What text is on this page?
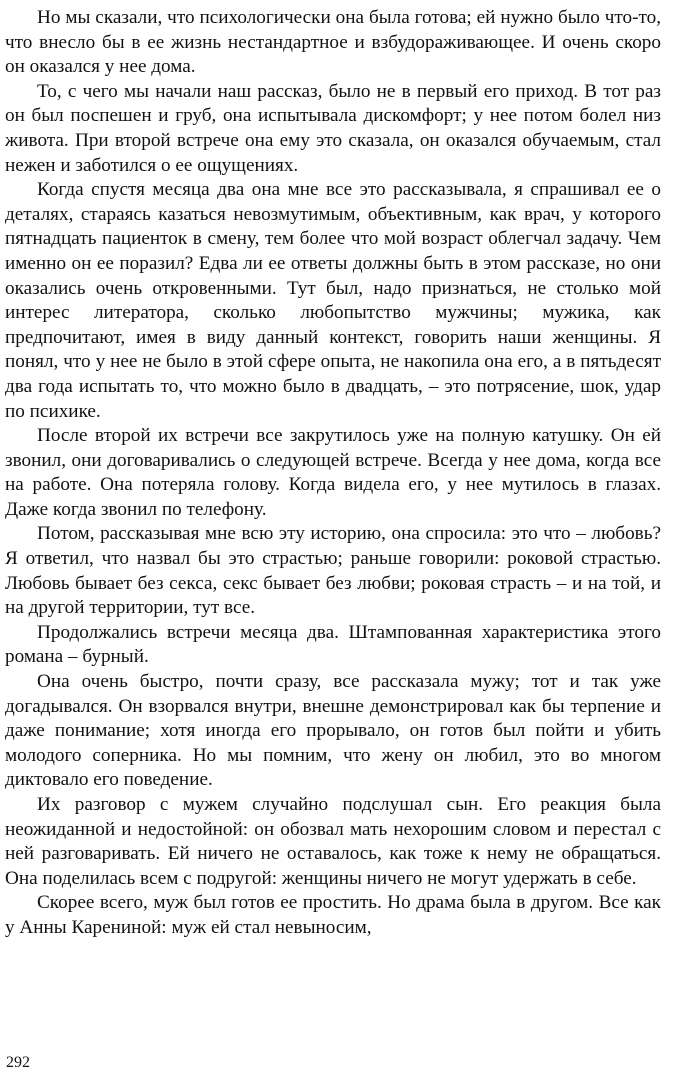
Но мы сказали, что психологически она была готова; ей нужно было что-то, что внесло бы в ее жизнь нестандартное и взбудораживающее. И очень скоро он оказался у нее дома.

То, с чего мы начали наш рассказ, было не в первый его приход. В тот раз он был поспешен и груб, она испытывала дискомфорт; у нее потом болел низ живота. При второй встрече она ему это сказала, он оказался обучаемым, стал нежен и заботился о ее ощущениях.

Когда спустя месяца два она мне все это рассказывала, я спрашивал ее о деталях, стараясь казаться невозмутимым, объективным, как врач, у которого пятнадцать пациенток в смену, тем более что мой возраст облегчал задачу. Чем именно он ее поразил? Едва ли ее ответы должны быть в этом рассказе, но они оказались очень откровенными. Тут был, надо признаться, не столько мой интерес литератора, сколько любопытство мужчины; мужика, как предпочитают, имея в виду данный контекст, говорить наши женщины. Я понял, что у нее не было в этой сфере опыта, не накопила она его, а в пятьдесят два года испытать то, что можно было в двадцать, – это потрясение, шок, удар по психике.

После второй их встречи все закрутилось уже на полную катушку. Он ей звонил, они договаривались о следующей встрече. Всегда у нее дома, когда все на работе. Она потеряла голову. Когда видела его, у нее мутилось в глазах. Даже когда звонил по телефону.

Потом, рассказывая мне всю эту историю, она спросила: это что – любовь? Я ответил, что назвал бы это страстью; раньше говорили: роковой страстью. Любовь бывает без секса, секс бывает без любви; роковая страсть – и на той, и на другой территории, тут все.

Продолжались встречи месяца два. Штампованная характеристика этого романа – бурный.

Она очень быстро, почти сразу, все рассказала мужу; тот и так уже догадывался. Он взорвался внутри, внешне демонстрировал как бы терпение и даже понимание; хотя иногда его прорывало, он готов был пойти и убить молодого соперника. Но мы помним, что жену он любил, это во многом диктовало его поведение.

Их разговор с мужем случайно подслушал сын. Его реакция была неожиданной и недостойной: он обозвал мать нехорошим словом и перестал с ней разговаривать. Ей ничего не оставалось, как тоже к нему не обращаться. Она поделилась всем с подругой: женщины ничего не могут удержать в себе.

Скорее всего, муж был готов ее простить. Но драма была в другом. Все как у Анны Карениной: муж ей стал невыносим,

292
